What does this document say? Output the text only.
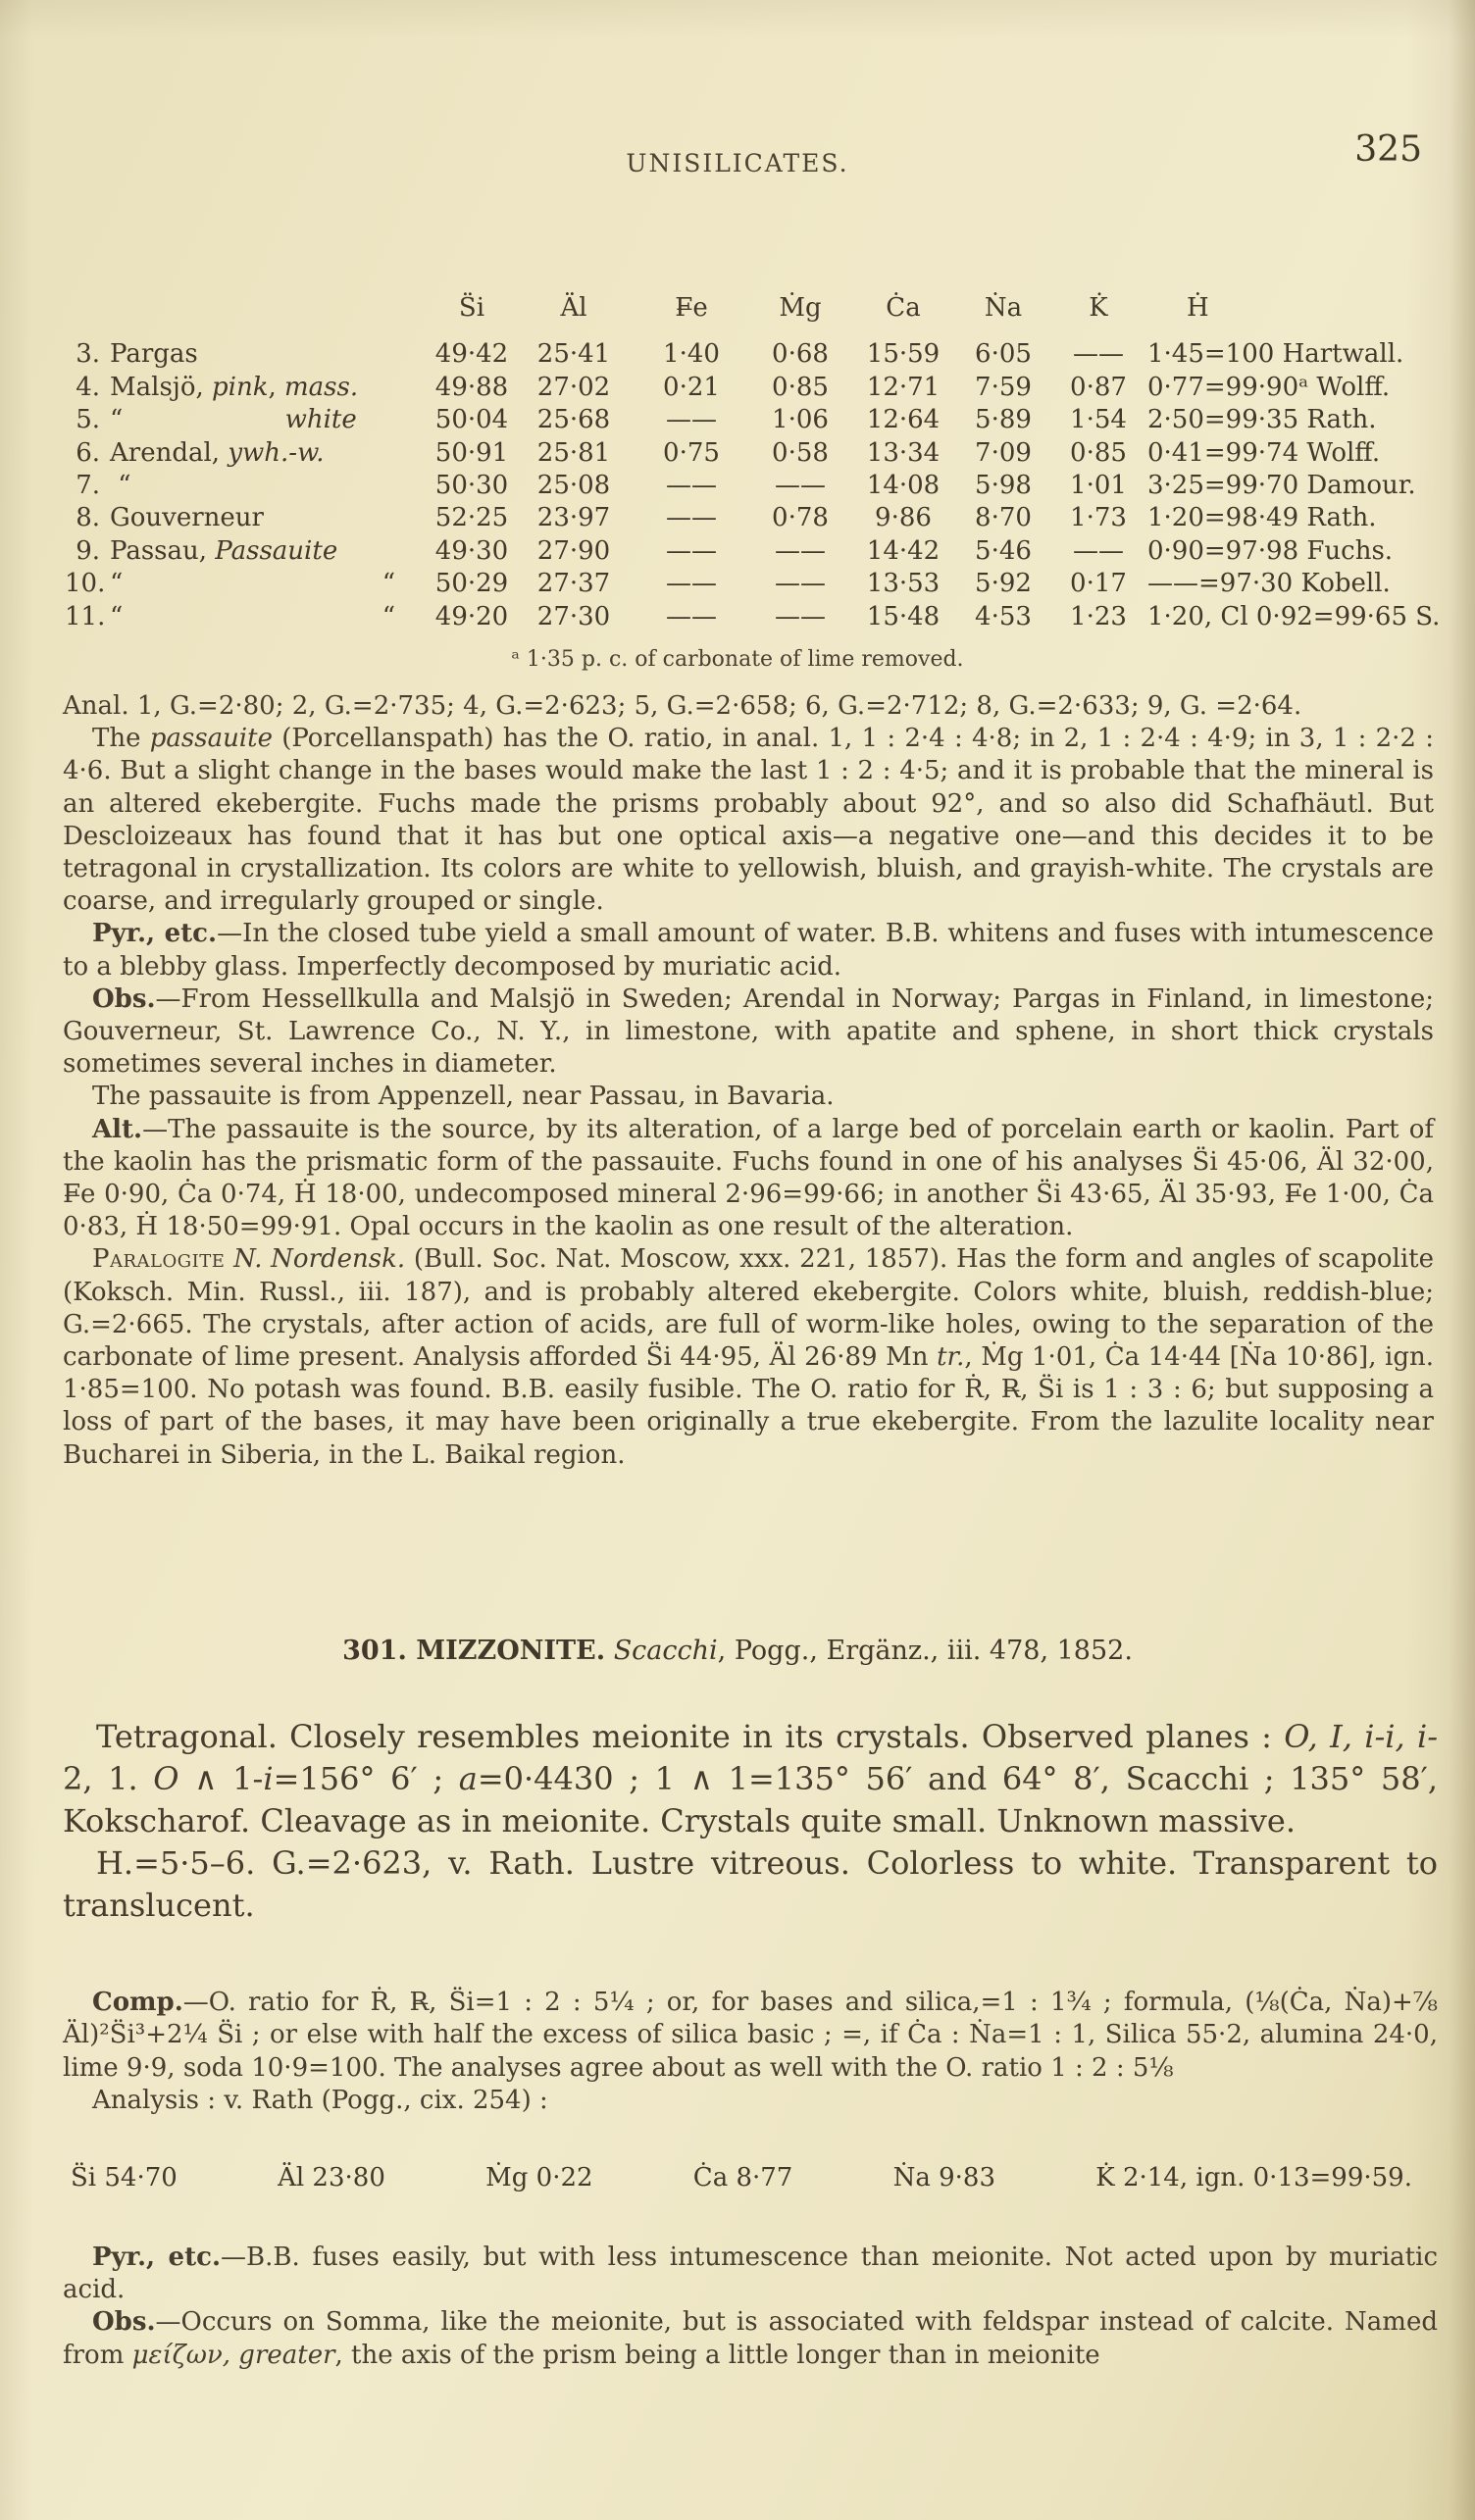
UNISILICATES.	325
S̈i	Äl	F̶e	Ṁg	Ċa	Ṅa	K̇	Ḣ
3. Pargas	49·42	25·41	1·40	0·68	15·59	6·05	—— 1·45=100 Hartwall.
4. Malsjö, pink, mass.	49·88	27·02	0·21	0·85	12·71	7·59	0·87 0·77=99·90ᵃ Wolff.
5. “                    white	50·04	25·68	——	1·06	12·64	5·89	1·54 2·50=99·35 Rath.
6. Arendal, ywh.-w.	50·91	25·81	0·75	0·58	13·34	7·09	0·85 0·41=99·74 Wolff.
7. “	50·30	25·08	——	——	14·08	5·98	1·01 3·25=99·70 Damour.
8. Gouverneur	52·25	23·97	——	0·78	9·86	8·70	1·73 1·20=98·49 Rath.
9. Passau, Passauite	49·30	27·90	——	——	14·42	5·46	—— 0·90=97·98 Fuchs.
10. “                                “	50·29	27·37	——	——	13·53	5·92	0·17 ——=97·30 Kobell.
11. “                                “	49·20	27·30	——	——	15·48	4·53	1·23 1·20, Cl 0·92=99·65 S.
ᵃ 1·35 p. c. of carbonate of lime removed.

Anal. 1, G.=2·80; 2, G.=2·735; 4, G.=2·623; 5, G.=2·658; 6, G.=2·712; 8, G.=2·633; 9, G. =2·64.

The passauite (Porcellanspath) has the O. ratio, in anal. 1, 1 : 2·4 : 4·8; in 2, 1 : 2·4 : 4·9; in 3, 1 : 2·2 : 4·6. But a slight change in the bases would make the last 1 : 2 : 4·5; and it is probable that the mineral is an altered ekebergite. Fuchs made the prisms probably about 92°, and so also did Schafhäutl. But Descloizeaux has found that it has but one optical axis—a negative one—and this decides it to be tetragonal in crystallization. Its colors are white to yellowish, bluish, and grayish-white. The crystals are coarse, and irregularly grouped or single.

Pyr., etc.—In the closed tube yield a small amount of water. B.B. whitens and fuses with intumescence to a blebby glass. Imperfectly decomposed by muriatic acid.

Obs.—From Hessellkulla and Malsjö in Sweden; Arendal in Norway; Pargas in Finland, in limestone; Gouverneur, St. Lawrence Co., N. Y., in limestone, with apatite and sphene, in short thick crystals sometimes several inches in diameter.

The passauite is from Appenzell, near Passau, in Bavaria.

Alt.—The passauite is the source, by its alteration, of a large bed of porcelain earth or kaolin. Part of the kaolin has the prismatic form of the passauite. Fuchs found in one of his analyses S̈i 45·06, Äl 32·00, F̶e 0·90, Ċa 0·74, Ḣ 18·00, undecomposed mineral 2·96=99·66; in another S̈i 43·65, Äl 35·93, F̶e 1·00, Ċa 0·83, Ḣ 18·50=99·91. Opal occurs in the kaolin as one result of the alteration.

Paralogite N. Nordensk. (Bull. Soc. Nat. Moscow, xxx. 221, 1857). Has the form and angles of scapolite (Koksch. Min. Russl., iii. 187), and is probably altered ekebergite. Colors white, bluish, reddish-blue; G.=2·665. The crystals, after action of acids, are full of worm-like holes, owing to the separation of the carbonate of lime present. Analysis afforded S̈i 44·95, Äl 26·89 Mn tr., Ṁg 1·01, Ċa 14·44 [Ṅa 10·86], ign. 1·85=100. No potash was found. B.B. easily fusible. The O. ratio for Ṙ, R̶, S̈i is 1 : 3 : 6; but supposing a loss of part of the bases, it may have been originally a true ekebergite. From the lazulite locality near Bucharei in Siberia, in the L. Baikal region.

301. MIZZONITE. Scacchi, Pogg., Ergänz., iii. 478, 1852.

Tetragonal. Closely resembles meionite in its crystals. Observed planes : O, I, i-i, i-2, 1. O ∧ 1-i=156° 6′ ; a=0·4430 ; 1 ∧ 1=135° 56′ and 64° 8′, Scacchi ; 135° 58′, Kokscharof. Cleavage as in meionite. Crystals quite small. Unknown massive.

H.=5·5–6. G.=2·623, v. Rath. Lustre vitreous. Colorless to white. Transparent to translucent.

Comp.—O. ratio for Ṙ, R̶, S̈i=1 : 2 : 5¼ ; or, for bases and silica,=1 : 1¾ ; formula, (⅛(Ċa, Ṅa)+⅞ Äl)²S̈i³+2¼ S̈i ; or else with half the excess of silica basic ; =, if Ċa : Ṅa=1 : 1, Silica 55·2, alumina 24·0, lime 9·9, soda 10·9=100. The analyses agree about as well with the O. ratio 1 : 2 : 5⅛

Analysis : v. Rath (Pogg., cix. 254) :

S̈i 54·70	Äl 23·80	Ṁg 0·22	Ċa 8·77	Ṅa 9·83	K̇ 2·14, ign. 0·13=99·59.

Pyr., etc.—B.B. fuses easily, but with less intumescence than meionite. Not acted upon by muriatic acid.

Obs.—Occurs on Somma, like the meionite, but is associated with feldspar instead of calcite. Named from μείζων, greater, the axis of the prism being a little longer than in meionite
